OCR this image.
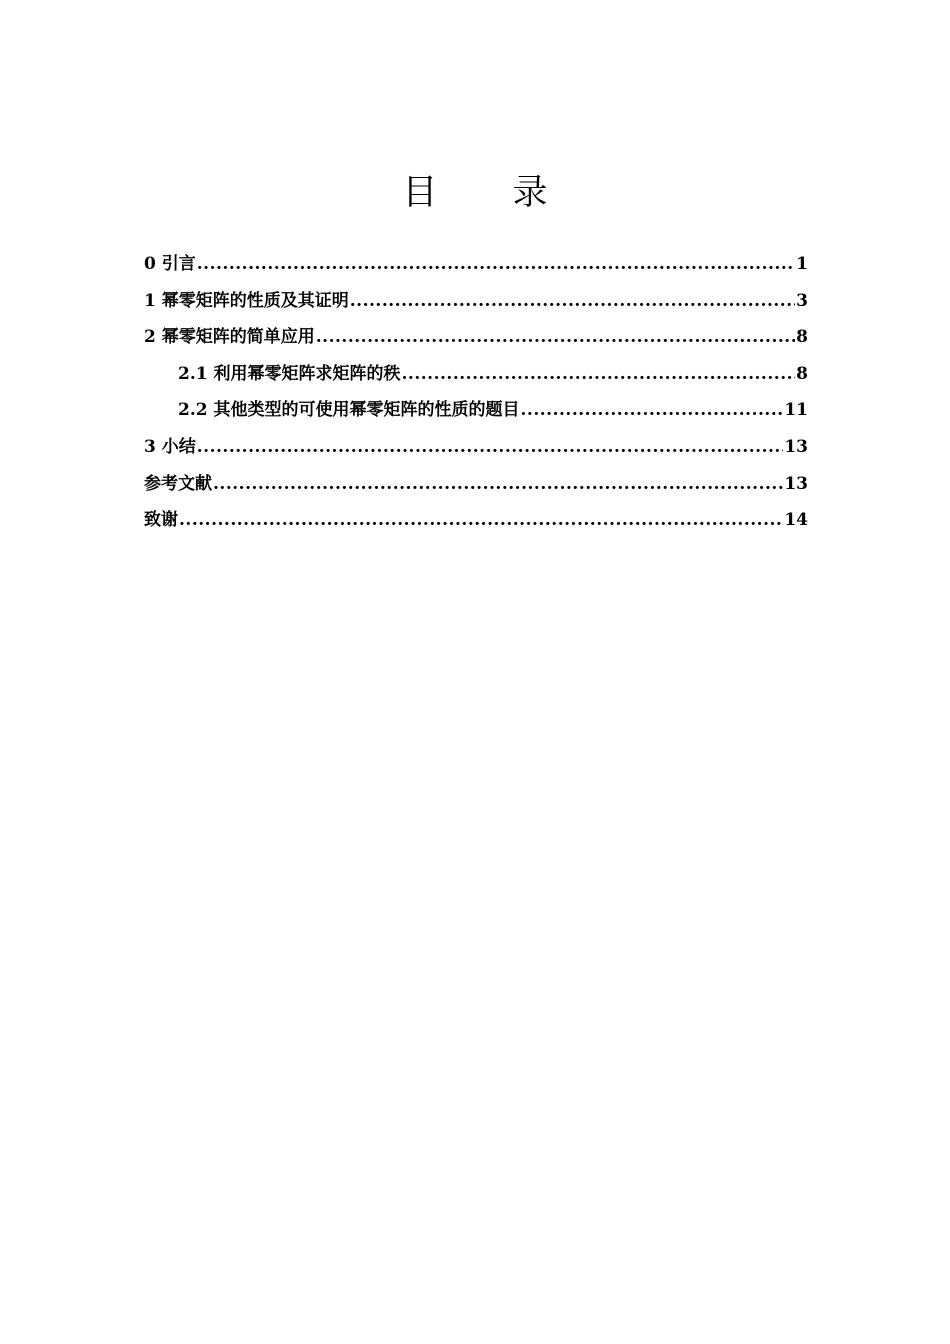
目 录
0 引言 .....	1
1 幂零矩阵的性质及其证明 .....	3
2 幂零矩阵的简单应用 .....	8
2.1 利用幂零矩阵求矩阵的秩 .....	8
2.2 其他类型的可使用幂零矩阵的性质的题目 .....	11
3 小结 .....	13
参考文献 .....	13
致谢 .....	14
